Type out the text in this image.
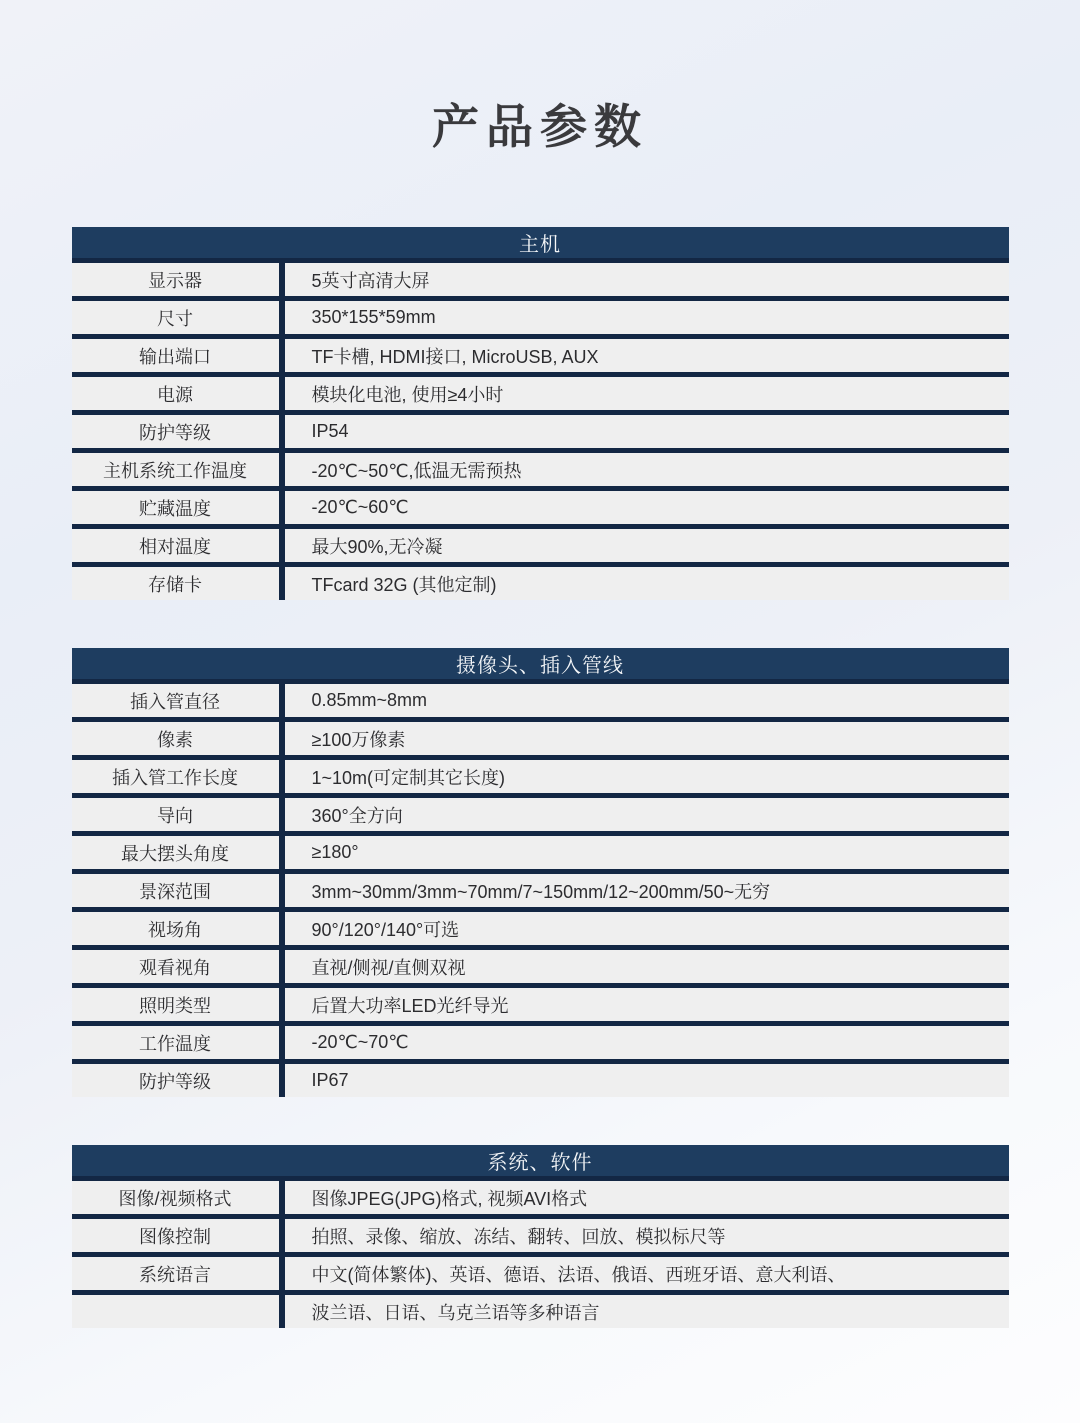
产品参数
主机
显示器	5英寸高清大屏
尺寸	350*155*59mm
输出端口	TF卡槽, HDMI接口, MicroUSB, AUX
电源	模块化电池, 使用≥4小时
防护等级	IP54
主机系统工作温度	-20℃~50℃,低温无需预热
贮藏温度	-20℃~60℃
相对温度	最大90%,无冷凝
存储卡	TFcard 32G (其他定制)
摄像头、插入管线
插入管直径	0.85mm~8mm
像素	≥100万像素
插入管工作长度	1~10m(可定制其它长度)
导向	360°全方向
最大摆头角度	≥180°
景深范围	3mm~30mm/3mm~70mm/7~150mm/12~200mm/50~无穷
视场角	90°/120°/140°可选
观看视角	直视/侧视/直侧双视
照明类型	后置大功率LED光纤导光
工作温度	-20℃~70℃
防护等级	IP67
系统、软件
图像/视频格式	图像JPEG(JPG)格式, 视频AVI格式
图像控制	拍照、录像、缩放、冻结、翻转、回放、模拟标尺等
系统语言	中文(简体繁体)、英语、德语、法语、俄语、西班牙语、意大利语、
波兰语、日语、乌克兰语等多种语言
